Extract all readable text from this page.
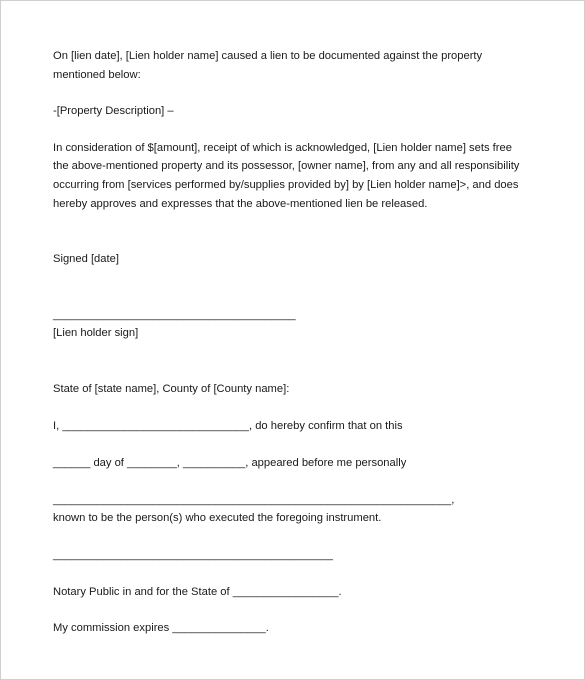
On [lien date], [Lien holder name] caused a lien to be documented against the property mentioned below:

-[Property Description] –

In consideration of $[amount], receipt of which is acknowledged, [Lien holder name] sets free the above-mentioned property and its possessor, [owner name], from any and all responsibility occurring from [services performed by/supplies provided by] by [Lien holder name]>, and does hereby approves and expresses that the above-mentioned lien be released.

Signed [date]

_______________________________________

[Lien holder sign]

State of [state name], County of [County name]:

I, ______________________________, do hereby confirm that on this

______ day of ________, __________, appeared before me personally

________________________________________________________________,

known to be the person(s) who executed the foregoing instrument.

_____________________________________________

Notary Public in and for the State of _________________.

My commission expires _______________.
